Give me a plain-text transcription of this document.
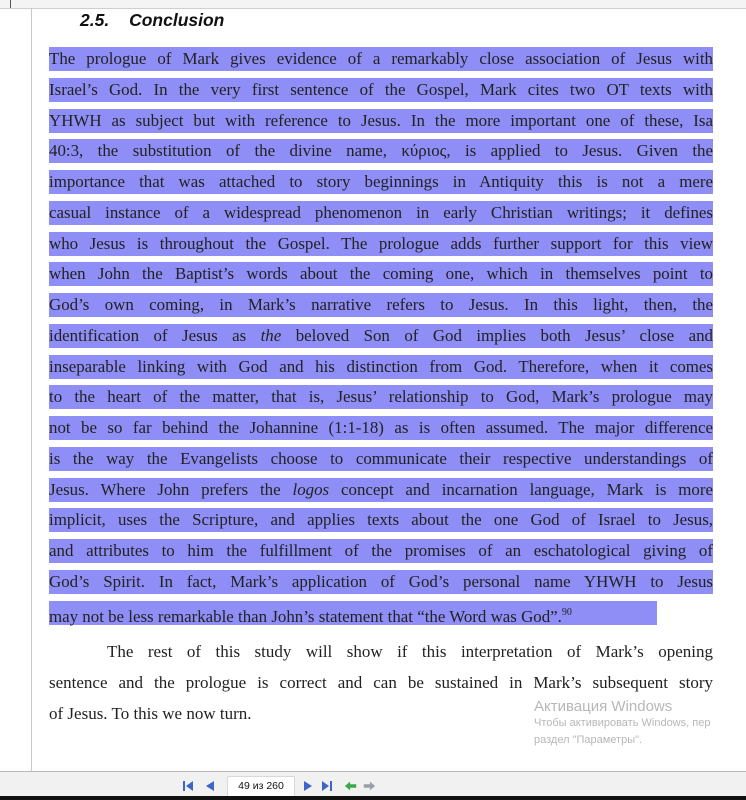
2.5. Conclusion
The prologue of Mark gives evidence of a remarkably close association of Jesus with
Israel’s God. In the very first sentence of the Gospel, Mark cites two OT texts with
YHWH as subject but with reference to Jesus. In the more important one of these, Isa
40:3, the substitution of the divine name, κύριος, is applied to Jesus. Given the
importance that was attached to story beginnings in Antiquity this is not a mere
casual instance of a widespread phenomenon in early Christian writings; it defines
who Jesus is throughout the Gospel. The prologue adds further support for this view
when John the Baptist’s words about the coming one, which in themselves point to
God’s own coming, in Mark’s narrative refers to Jesus. In this light, then, the
identification of Jesus as the beloved Son of God implies both Jesus’ close and
inseparable linking with God and his distinction from God. Therefore, when it comes
to the heart of the matter, that is, Jesus’ relationship to God, Mark’s prologue may
not be so far behind the Johannine (1:1-18) as is often assumed. The major difference
is the way the Evangelists choose to communicate their respective understandings of
Jesus. Where John prefers the logos concept and incarnation language, Mark is more
implicit, uses the Scripture, and applies texts about the one God of Israel to Jesus,
and attributes to him the fulfillment of the promises of an eschatological giving of
God’s Spirit. In fact, Mark’s application of God’s personal name YHWH to Jesus
may not be less remarkable than John’s statement that “the Word was God”.$^{90}$
The rest of this study will show if this interpretation of Mark’s opening
sentence and the prologue is correct and can be sustained in Mark’s subsequent story
of Jesus. To this we now turn.	Активация Windows
Чтобы активировать Windows, пер
раздел "Параметры".
49 из 260
